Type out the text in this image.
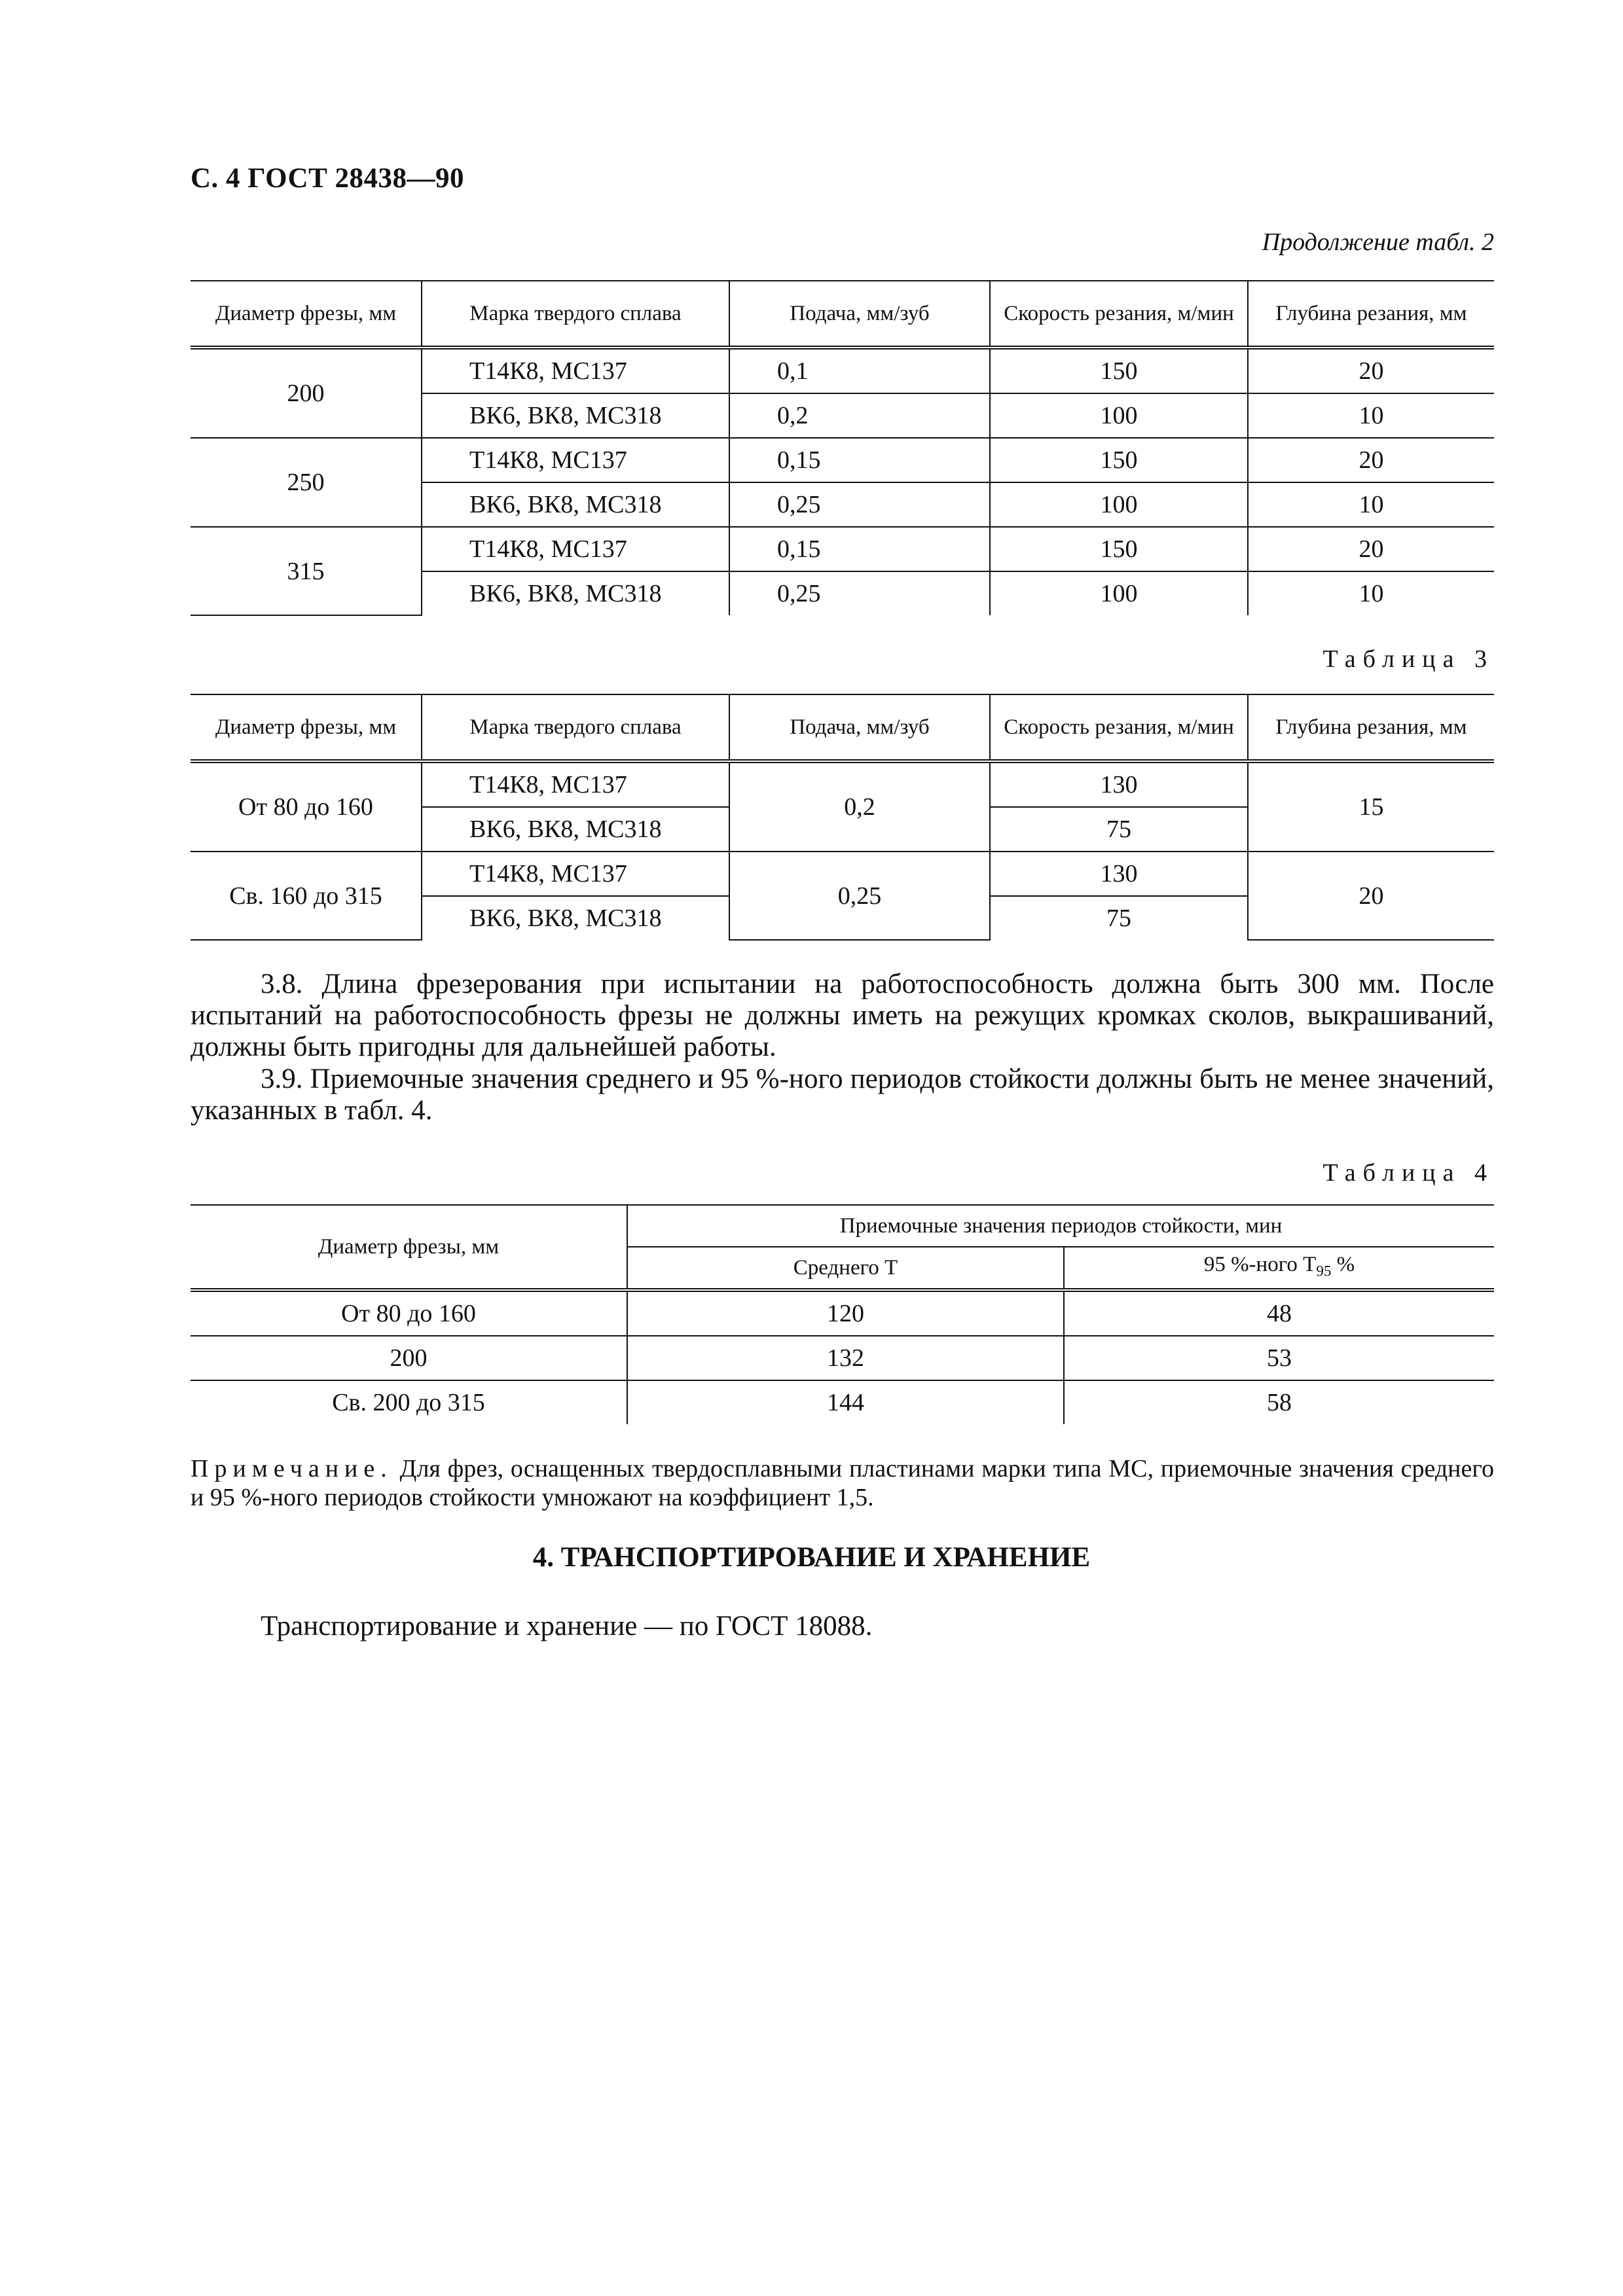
С. 4 ГОСТ 28438—90
Продолжение табл. 2
Диаметр фрезы, мм	Марка твердого сплава	Подача, мм/зуб	Скорость резания, м/мин	Глубина резания, мм
200	Т14К8, МС137	0,1	150	20
	ВК6, ВК8, МС318	0,2	100	10
250	Т14К8, МС137	0,15	150	20
	ВК6, ВК8, МС318	0,25	100	10
315	Т14К8, МС137	0,15	150	20
	ВК6, ВК8, МС318	0,25	100	10
Таблица 3
Диаметр фрезы, мм	Марка твердого сплава	Подача, мм/зуб	Скорость резания, м/мин	Глубина резания, мм
От 80 до 160	Т14К8, МС137	0,2	130	15
	ВК6, ВК8, МС318		75	
Св. 160 до 315	Т14К8, МС137	0,25	130	20
	ВК6, ВК8, МС318		75	

3.8. Длина фрезерования при испытании на работоспособность должна быть 300 мм. После испытаний на работоспособность фрезы не должны иметь на режущих кромках сколов, выкрашиваний, должны быть пригодны для дальнейшей работы.

3.9. Приемочные значения среднего и 95 %-ного периодов стойкости должны быть не менее значений, указанных в табл. 4.

Таблица 4
Диаметр фрезы, мм	Приемочные значения периодов стойкости, мин	
	Среднего Т	95 %-ного $Т_{95}$ %
От 80 до 160	120	48
200	132	53
Св. 200 до 315	144	58
Примечание. Для фрез, оснащенных твердосплавными пластинами марки типа МС, приемочные значения среднего и 95 %-ного периодов стойкости умножают на коэффициент 1,5.
4. ТРАНСПОРТИРОВАНИЕ И ХРАНЕНИЕ
Транспортирование и хранение — по ГОСТ 18088.
